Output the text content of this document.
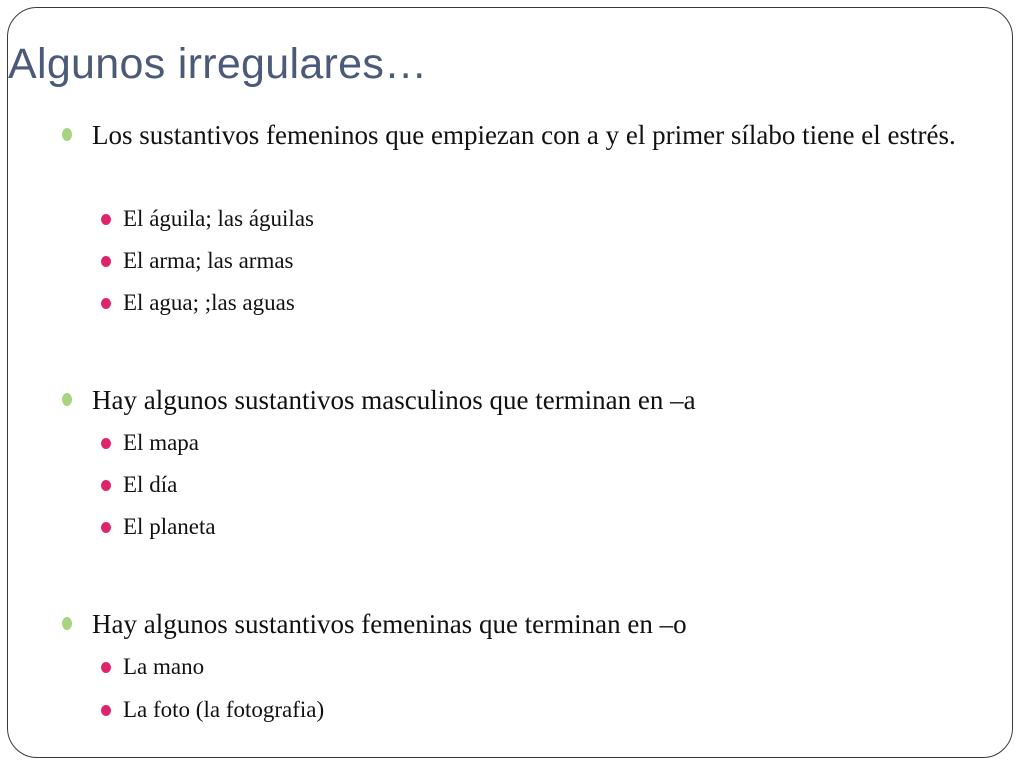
Algunos irregulares…
Los sustantivos femeninos que empiezan con a y el primer sílabo tiene el estrés.
El águila; las águilas
El arma; las armas
El agua; ;las aguas
Hay algunos sustantivos masculinos que terminan en –a
El mapa
El día
El planeta
Hay algunos sustantivos femeninas que terminan en –o
La mano
La foto (la fotografia)
